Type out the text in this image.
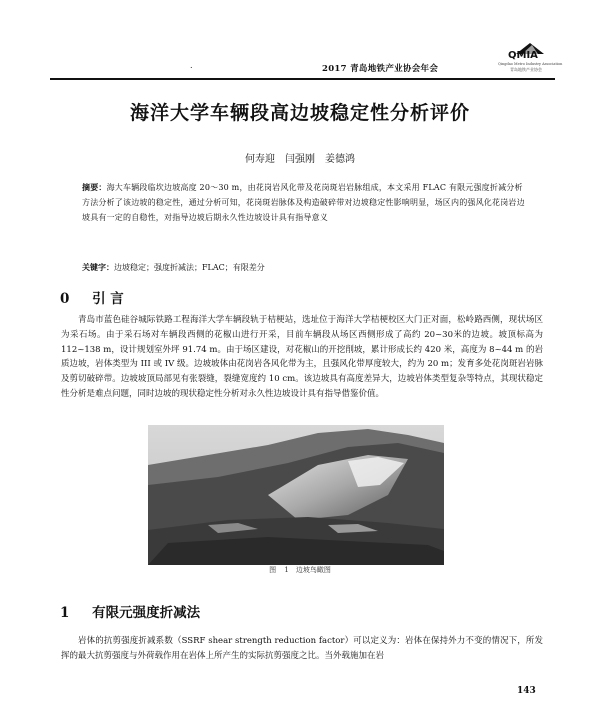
.	2017 青岛地铁产业协会年会
QMIA
Qingdao Metro Industry Association
青岛地铁产业协会
海洋大学车辆段高边坡稳定性分析评价
何寿迎　闫强刚　姜德鸿
摘要：海大车辆段临坎边坡高度 20～30 m，由花岗岩风化带及花岗斑岩岩脉组成，本文采用 FLAC 有限元强度折减分析方法分析了该边坡的稳定性，通过分析可知，花岗斑岩脉体及构造破碎带对边坡稳定性影响明显，场区内的强风化花岗岩边坡具有一定的自稳性，对指导边坡后期永久性边坡设计具有指导意义
关键字：边坡稳定；强度折减法；FLAC；有限差分
0 引 言
青岛市蓝色硅谷城际铁路工程海洋大学车辆段轨于桔梗站，选址位于海洋大学桔梗校区大门正对面，松岭路西侧，现状场区为采石场。由于采石场对车辆段西侧的花椒山进行开采，目前车辆段从场区西侧形成了高约 20~30米的边坡。坡顶标高为 112~138 m，设计规划室外坪 91.74 m。由于场区建设，对花椒山的开挖削坡，累计形成长约 420 米，高度为 8~44 m 的岩质边坡，岩体类型为 III 或 IV 级。边坡坡体由花岗岩各风化带为主，且强风化带厚度较大，约为 20 m；发育多处花岗斑岩岩脉及剪切破碎带。边坡坡顶局部见有张裂缝，裂缝宽度约 10 cm。该边坡具有高度差异大，边坡岩体类型复杂等特点，其现状稳定性分析是难点问题，同时边坡的现状稳定性分析对永久性边坡设计具有指导借鉴价值。
图 1　边坡鸟瞰图
1 有限元强度折减法
岩体的抗剪强度折减系数（SSRF shear strength reduction factor）可以定义为：岩体在保持外力不变的情况下，所发挥的最大抗剪强度与外荷载作用在岩体上所产生的实际抗剪强度之比。当外载施加在岩
143
